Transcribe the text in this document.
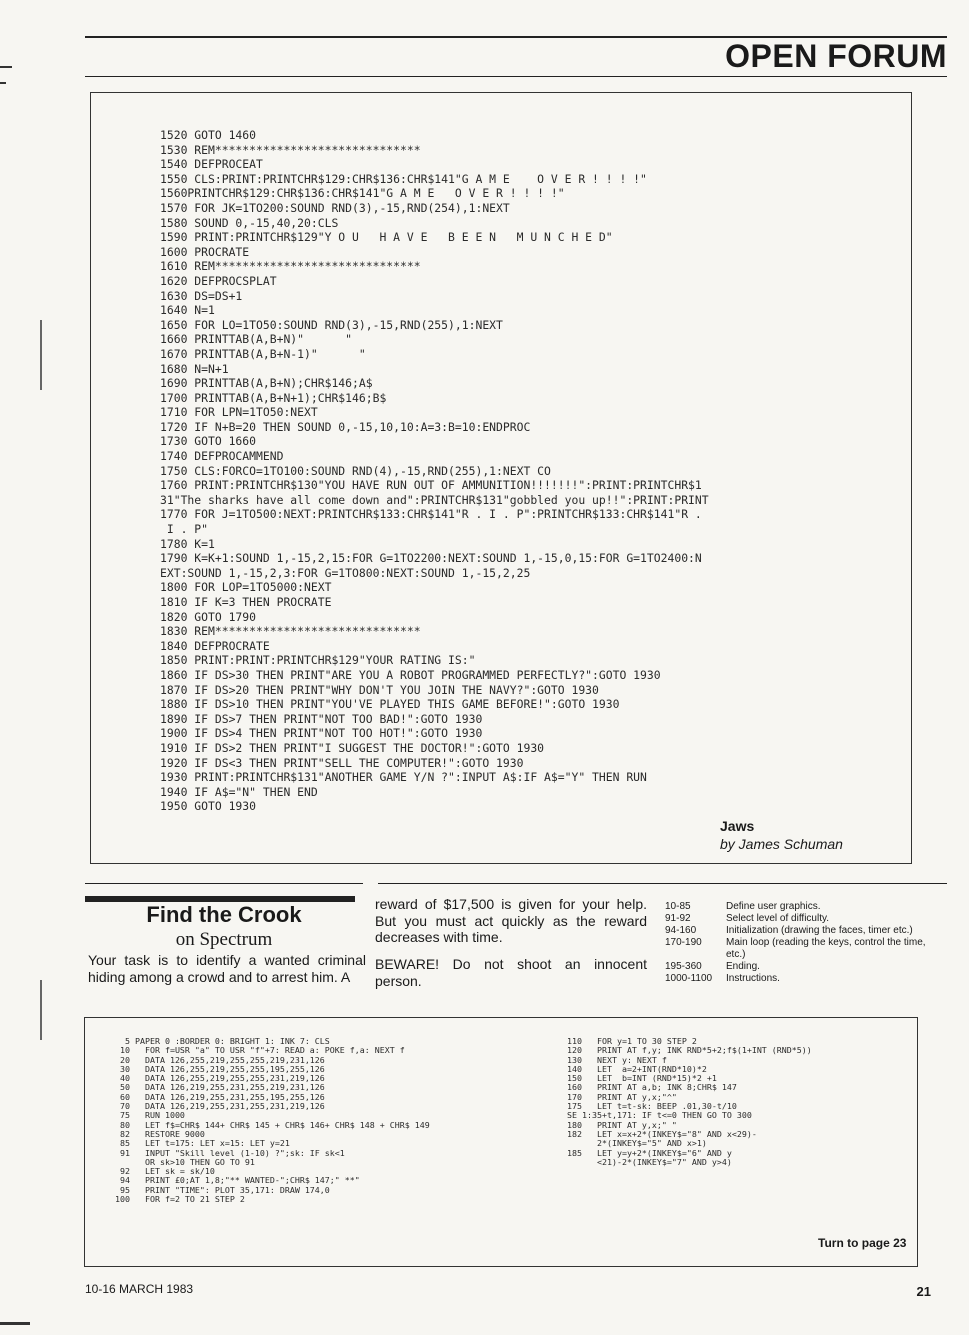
OPEN FORUM
1520 GOTO 1460
1530 REM******************************
1540 DEFPROCEAT
1550 CLS:PRINT:PRINTCHR$129:CHR$136:CHR$141"G A M E    O V E R ! ! ! !"
1560PRINTCHR$129:CHR$136:CHR$141"G A M E   O V E R ! ! ! !"
1570 FOR JK=1TO200:SOUND RND(3),-15,RND(254),1:NEXT
1580 SOUND 0,-15,40,20:CLS
1590 PRINT:PRINTCHR$129"Y O U   H A V E   B E E N   M U N C H E D"
1600 PROCRATE
1610 REM******************************
1620 DEFPROCSPLAT
1630 DS=DS+1
1640 N=1
1650 FOR LO=1TO50:SOUND RND(3),-15,RND(255),1:NEXT
1660 PRINTTAB(A,B+N)"      "
1670 PRINTTAB(A,B+N-1)"      "
1680 N=N+1
1690 PRINTTAB(A,B+N);CHR$146;A$
1700 PRINTTAB(A,B+N+1);CHR$146;B$
1710 FOR LPN=1TO50:NEXT
1720 IF N+B=20 THEN SOUND 0,-15,10,10:A=3:B=10:ENDPROC
1730 GOTO 1660
1740 DEFPROCAMMEND
1750 CLS:FORCO=1TO100:SOUND RND(4),-15,RND(255),1:NEXT CO
1760 PRINT:PRINTCHR$130"YOU HAVE RUN OUT OF AMMUNITION!!!!!!!":PRINT:PRINTCHR$1
31"The sharks have all come down and":PRINTCHR$131"gobbled you up!!":PRINT:PRINT
1770 FOR J=1TO500:NEXT:PRINTCHR$133:CHR$141"R . I . P":PRINTCHR$133:CHR$141"R .
I . P"
1780 K=1
1790 K=K+1:SOUND 1,-15,2,15:FOR G=1TO2200:NEXT:SOUND 1,-15,0,15:FOR G=1TO2400:N
EXT:SOUND 1,-15,2,3:FOR G=1TO800:NEXT:SOUND 1,-15,2,25
1800 FOR LOP=1TO5000:NEXT
1810 IF K=3 THEN PROCRATE
1820 GOTO 1790
1830 REM******************************
1840 DEFPROCRATE
1850 PRINT:PRINT:PRINTCHR$129"YOUR RATING IS:"
1860 IF DS>30 THEN PRINT"ARE YOU A ROBOT PROGRAMMED PERFECTLY?":GOTO 1930
1870 IF DS>20 THEN PRINT"WHY DON'T YOU JOIN THE NAVY?":GOTO 1930
1880 IF DS>10 THEN PRINT"YOU'VE PLAYED THIS GAME BEFORE!":GOTO 1930
1890 IF DS>7 THEN PRINT"NOT TOO BAD!":GOTO 1930
1900 IF DS>4 THEN PRINT"NOT TOO HOT!":GOTO 1930
1910 IF DS>2 THEN PRINT"I SUGGEST THE DOCTOR!":GOTO 1930
1920 IF DS<3 THEN PRINT"SELL THE COMPUTER!":GOTO 1930
1930 PRINT:PRINTCHR$131"ANOTHER GAME Y/N ?":INPUT A$:IF A$="Y" THEN RUN
1940 IF A$="N" THEN END
1950 GOTO 1930
Jaws
by James Schuman
Find the Crook
on Spectrum
Your task is to identify a wanted criminal hiding among a crowd and to arrest him. A
reward of $17,500 is given for your help. But you must act quickly as the reward decreases with time.
BEWARE! Do not shoot an innocent person.
10-85	Define user graphics.
91-92	Select level of difficulty.
94-160	Initialization (drawing the faces, timer etc.)
170-190	Main loop (reading the keys, control the time, etc.)
195-360	Ending.
1000-1100	Instructions.
5 PAPER 0 :BORDER 0: BRIGHT 1: INK 7: CLS
10   FOR f=USR "a" TO USR "f"+7: READ a: POKE f,a: NEXT f
20   DATA 126,255,219,255,255,219,231,126
30   DATA 126,255,219,255,255,195,255,126
40   DATA 126,255,219,255,255,231,219,126
50   DATA 126,219,255,231,255,219,231,126
60   DATA 126,219,255,231,255,195,255,126
70   DATA 126,219,255,231,255,231,219,126
75   RUN 1000
80   LET f$=CHR$ 144+ CHR$ 145 + CHR$ 146+ CHR$ 148 + CHR$ 149
82   RESTORE 9000
85   LET t=175: LET x=15: LET y=21
91   INPUT "Skill level (1-10) ?";sk: IF sk<1
OR sk>10 THEN GO TO 91
92   LET sk = sk/10
94   PRINT £0;AT 1,8;"** WANTED-";CHR$ 147;" **"
95   PRINT "TIME": PLOT 35,171: DRAW 174,0
100   FOR f=2 TO 21 STEP 2
110   FOR y=1 TO 30 STEP 2
120   PRINT AT f,y; INK RND*5+2;f$(1+INT (RND*5))
130   NEXT y: NEXT f
140   LET  a=2+INT(RND*10)*2
150   LET  b=INT (RND*15)*2 +1
160   PRINT AT a,b; INK 8;CHR$ 147
170   PRINT AT y,x;"^"
175   LET t=t-sk: BEEP .01,30-t/10
SE 1:35+t,171: IF t<=0 THEN GO TO 300
180   PRINT AT y,x;" "
182   LET x=x+2*(INKEY$="8" AND x<29)-
2*(INKEY$="5" AND x>1)
185   LET y=y+2*(INKEY$="6" AND y
<21)-2*(INKEY$="7" AND y>4)
Turn to page 23
10-16 MARCH 1983	21
